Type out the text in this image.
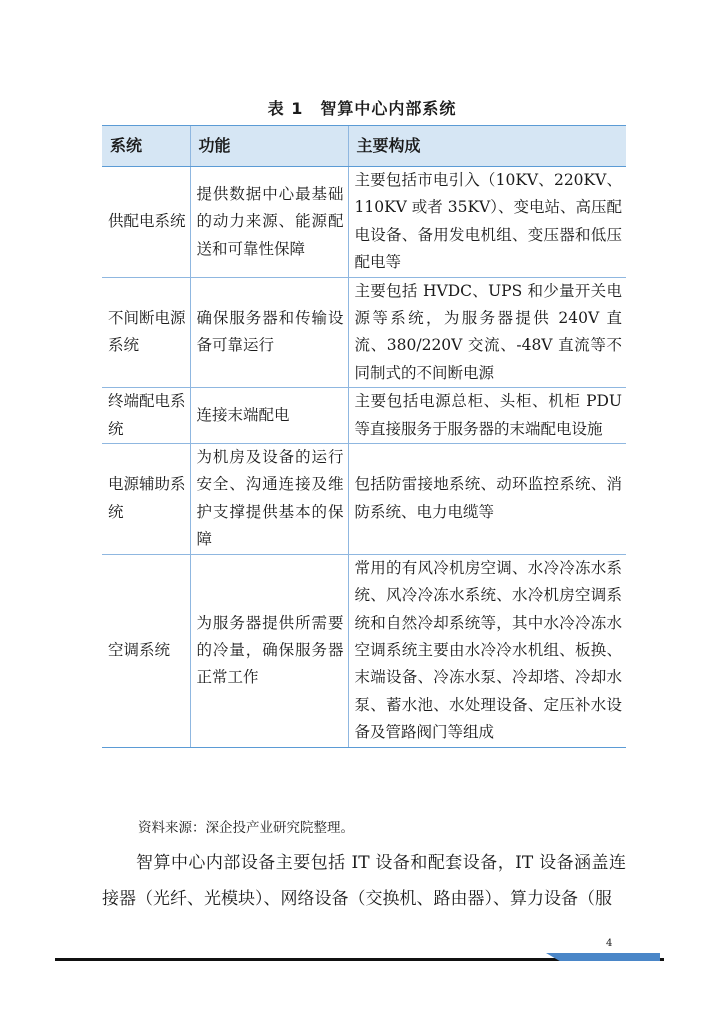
表 1　智算中心内部系统
系统	功能	主要构成
供配电系统	提供数据中心最基础的动力来源、能源配送和可靠性保障	主要包括市电引入（10KV、220KV、110KV 或者 35KV）、变电站、高压配电设备、备用发电机组、变压器和低压配电等
不间断电源系统	确保服务器和传输设备可靠运行	主要包括 HVDC、UPS 和少量开关电源等系统，为服务器提供 240V 直流、380/220V 交流、-48V 直流等不同制式的不间断电源
终端配电系统	连接末端配电	主要包括电源总柜、头柜、机柜 PDU 等直接服务于服务器的末端配电设施
电源辅助系统	为机房及设备的运行安全、沟通连接及维护支撑提供基本的保障	包括防雷接地系统、动环监控系统、消防系统、电力电缆等
空调系统	为服务器提供所需要的冷量，确保服务器正常工作	常用的有风冷机房空调、水冷冷冻水系统、风冷冷冻水系统、水冷机房空调系统和自然冷却系统等，其中水冷冷冻水空调系统主要由水冷冷水机组、板换、末端设备、冷冻水泵、冷却塔、冷却水泵、蓄水池、水处理设备、定压补水设备及管路阀门等组成
资料来源：深企投产业研究院整理。

智算中心内部设备主要包括 IT 设备和配套设备，IT 设备涵盖连接器（光纤、光模块）、网络设备（交换机、路由器）、算力设备（服

4
